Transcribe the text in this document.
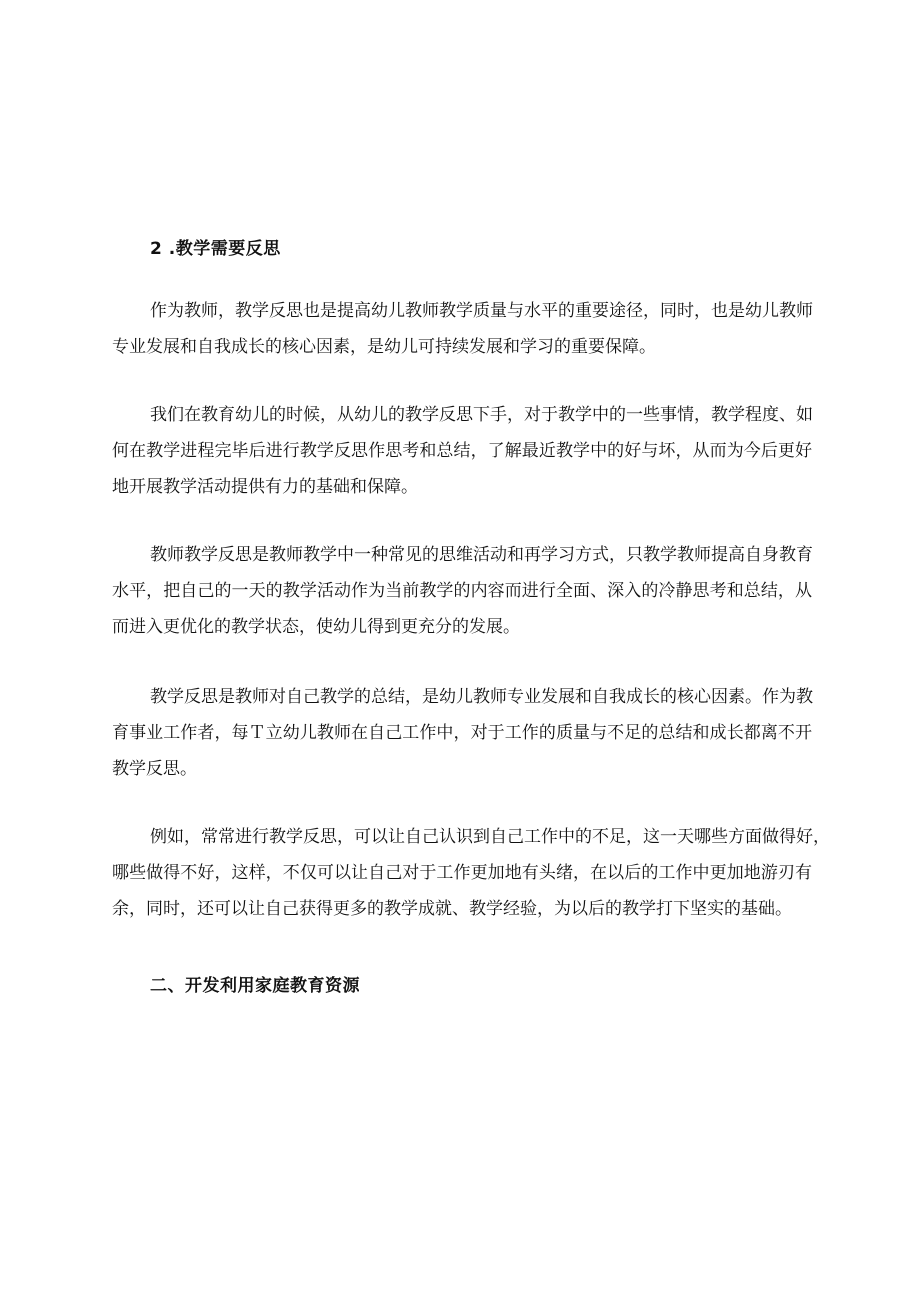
2 .教学需要反思
作为教师，教学反思也是提高幼儿教师教学质量与水平的重要途径，同时，也是幼儿教师
专业发展和自我成长的核心因素，是幼儿可持续发展和学习的重要保障。
我们在教育幼儿的时候，从幼儿的教学反思下手，对于教学中的一些事情，教学程度、如
何在教学进程完毕后进行教学反思作思考和总结，了解最近教学中的好与坏，从而为今后更好
地开展教学活动提供有力的基础和保障。
教师教学反思是教师教学中一种常见的思维活动和再学习方式，只教学教师提高自身教育
水平，把自己的一天的教学活动作为当前教学的内容而进行全面、深入的冷静思考和总结，从
而进入更优化的教学状态，使幼儿得到更充分的发展。
教学反思是教师对自己教学的总结，是幼儿教师专业发展和自我成长的核心因素。作为教
育事业工作者，每Ｔ立幼儿教师在自己工作中，对于工作的质量与不足的总结和成长都离不开
教学反思。
例如，常常进行教学反思，可以让自己认识到自己工作中的不足，这一天哪些方面做得好，
哪些做得不好，这样，不仅可以让自己对于工作更加地有头绪，在以后的工作中更加地游刃有
余，同时，还可以让自己获得更多的教学成就、教学经验，为以后的教学打下坚实的基础。
二、开发利用家庭教育资源
